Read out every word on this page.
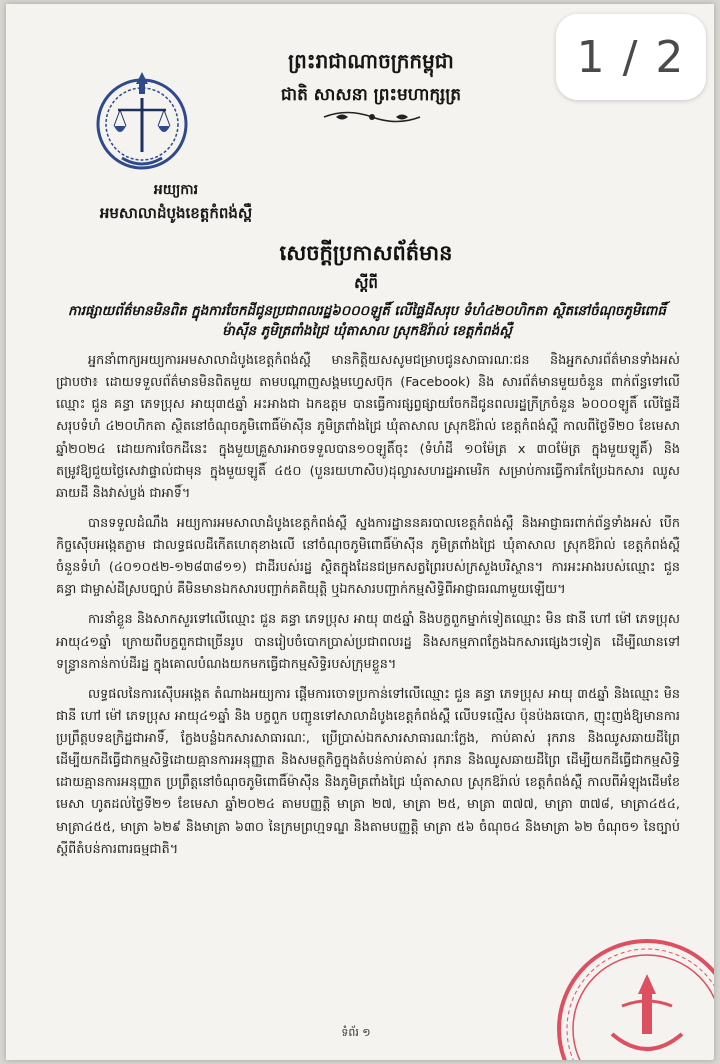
អយ្យការ
អមសាលាដំបូងខេត្តកំពង់ស្ពឺ
ព្រះរាជាណាចក្រកម្ពុជា
ជាតិ សាសនា ព្រះមហាក្សត្រ
សេចក្តីប្រកាសព័ត៌មាន
ស្តីពី
ការផ្សាយព័ត៌មានមិនពិត ក្នុងការចែកដីជូនប្រជាពលរដ្ឋ៦០០០ឡូតិ៍ លើផ្ទៃដីសរុប ទំហំ៤២០ហិកតា ស្ថិតនៅចំណុចភូមិពោធិ៍ម៉ាស៊ីន ភូមិត្រពាំងជ្រៃ ឃុំតាសាល ស្រុកឱរ៉ាល់ ខេត្តកំពង់ស្ពឺ

អ្នកនាំពាក្យអយ្យការអមសាលាដំបូងខេត្តកំពង់ស្ពឺ មានកិត្តិយសសូមជម្រាបជូនសាធារណៈជន និងអ្នកសារព័ត៌មានទាំងអស់ជ្រាបថា៖ ដោយទទួលព័ត៌មានមិនពិតមួយ តាមបណ្តាញសង្គមហ្វេសប៊ុក (Facebook) និង សារព័ត៌មានមួយចំនួន ពាក់ព័ន្ធទៅលើឈ្មោះ ជួន គន្ធា ភេទប្រុស អាយុ៣៥ឆ្នាំ អះអាងជា ឯកឧត្តម បានធ្វើការផ្សព្វផ្សាយចែកដីជូនពលរដ្ឋក្រីក្រចំនួន ៦០០០ឡូតិ៍ លើផ្ទៃដីសរុបទំហំ ៤២០ហិកតា ស្ថិតនៅចំណុចភូមិពោធិ៍ម៉ាស៊ីន ភូមិត្រពាំងជ្រៃ ឃុំតាសាល ស្រុកឱរ៉ាល់ ខេត្តកំពង់ស្ពឺ កាលពីថ្ងៃទី២០ ខែមេសា ឆ្នាំ២០២៤ ដោយការចែកដីនេះ ក្នុងមួយគ្រួសារអាចទទួលបាន១០ឡូតិ៍ចុះ (ទំហំដី ១០ម៉ែត្រ x ៣០ម៉ែត្រ ក្នុងមួយឡូតិ៍) និងតម្រូវឱ្យជួយថ្លៃសេវាផ្ទាល់ជាមុន ក្នុងមួយឡូតិ៍ ៤៥០ (បួនរយហាសិប)ដុល្លារសហរដ្ឋអាមេរិក សម្រាប់ការធ្វើការកែប្រែឯកសារ ឈូសឆាយដី និងវាស់ប្លង់ ជាអាទិ៍។

បានទទួលដំណឹង អយ្យការអមសាលាដំបូងខេត្តកំពង់ស្ពឺ ស្នងការដ្ឋាននគរបាលខេត្តកំពង់ស្ពឺ និងអាជ្ញាធរពាក់ព័ន្ធទាំងអស់ បើកកិច្ចស៊ើបអង្កេតភ្លាម ជាលទ្ធផលដីកើតហេតុខាងលើ នៅចំណុចភូមិពោធិ៍ម៉ាស៊ីន ភូមិត្រពាំងជ្រៃ ឃុំតាសាល ស្រុកឱរ៉ាល់ ខេត្តកំពង់ស្ពឺ ចំនួនទំហំ (៤០១០៥២-១២៨៣៨១១) ជាដីរបស់រដ្ឋ ស្ថិតក្នុងដែនជម្រកសត្វព្រៃរបស់ក្រសួងបរិស្ថាន។ ការអះអាងរបស់ឈ្មោះ ជួន គន្ធា ជាម្ចាស់ដីស្របច្បាប់ គឺមិនមានឯកសារបញ្ជាក់គតិយុត្តិ ឬឯកសារបញ្ជាក់កម្មសិទ្ធិពីអាជ្ញាធរណាមួយឡើយ។

ការនាំខ្លួន និងសាកសួរទៅលើឈ្មោះ ជួន គន្ធា ភេទប្រុស អាយុ ៣៥ឆ្នាំ និងបក្ខពួកម្នាក់ទៀតឈ្មោះ មិន ផានី ហៅ ម៉ៅ ភេទប្រុស អាយុ៤១ឆ្នាំ ក្រោយពីបក្ខពួកជាច្រើនរូប បានរៀបចំបោកប្រាស់ប្រជាពលរដ្ឋ និងសកម្មភាពក្លែងឯកសារផ្សេងៗទៀត ដើម្បីឈានទៅទន្ទ្រានកាន់កាប់ដីរដ្ឋ ក្នុងគោលបំណងយកមកធ្វើជាកម្មសិទ្ធិរបស់ក្រុមខ្លួន។

លទ្ធផលនៃការស៊ើបអង្កេត តំណាងអយ្យការ ផ្តើមការចោទប្រកាន់ទៅលើឈ្មោះ ជួន គន្ធា ភេទប្រុស អាយុ ៣៥ឆ្នាំ និងឈ្មោះ មិន ផានី ហៅ ម៉ៅ ភេទប្រុស អាយុ៤១ឆ្នាំ និង បក្ខពួក បញ្ជូនទៅសាលាដំបូងខេត្តកំពង់ស្ពឺ លើបទល្មើស ប៉ុនប៉ងឆបោក, ញុះញង់ឱ្យមានការប្រព្រឹត្តបទឧក្រិដ្ឋជាអាទិ៍, ក្លែងបន្លំឯកសារសាធារណៈ, ប្រើប្រាស់ឯកសារសាធារណៈក្លែង, កាប់គាស់ រុករាន និងឈូសឆាយដីព្រៃ ដើម្បីយកដីធ្វើជាកម្មសិទ្ធិដោយគ្មានការអនុញ្ញាត និងសមត្ថកិច្ចក្នុងតំបន់កាប់គាស់ រុករាន និងឈូសឆាយដីព្រៃ ដើម្បីយកដីធ្វើជាកម្មសិទ្ធិដោយគ្មានការអនុញ្ញាត ប្រព្រឹត្តនៅចំណុចភូមិពោធិ៍ម៉ាស៊ីន និងភូមិត្រពាំងជ្រៃ ឃុំតាសាល ស្រុកឱរ៉ាល់ ខេត្តកំពង់ស្ពឺ កាលពីអំឡុងដើមខែមេសា ហូតដល់ថ្ងៃទី២១ ខែមេសា ឆ្នាំ២០២៤ តាមបញ្ញត្តិ មាត្រា ២៧, មាត្រា ២៥, មាត្រា ៣៧៧, មាត្រា ៣៧៨, មាត្រា៤៥៤, មាត្រា៤៥៥, មាត្រា ៦២៩ និងមាត្រា ៦៣០ នៃក្រមព្រហ្មទណ្ឌ និងតាមបញ្ញត្តិ មាត្រា ៥៦ ចំណុច៤ និងមាត្រា ៦២ ចំណុច១ នៃច្បាប់ស្តីពីតំបន់ការពារធម្មជាតិ។

ទំព័រ ១
1 / 2
